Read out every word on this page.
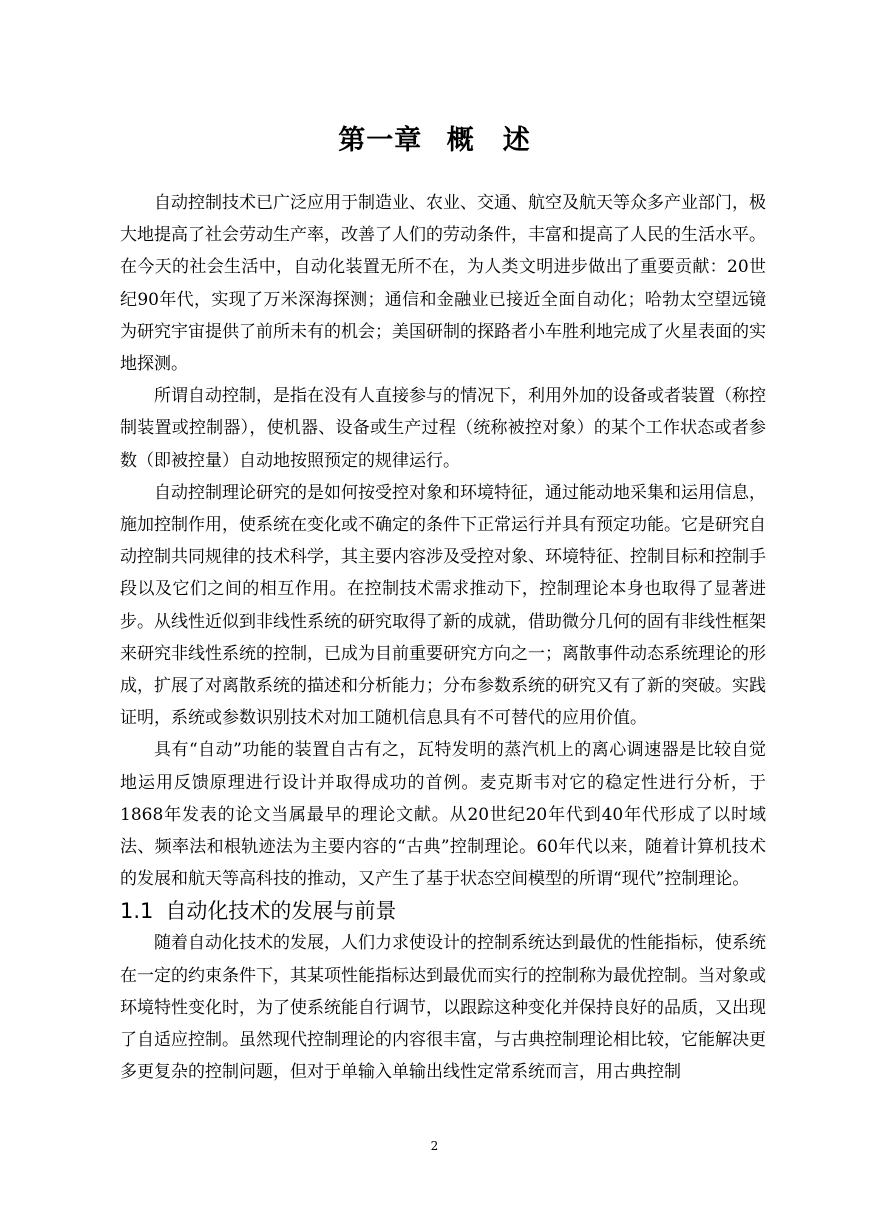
第一章 概　述

自动控制技术已广泛应用于制造业、农业、交通、航空及航天等众多产业部门，极大地提高了社会劳动生产率，改善了人们的劳动条件，丰富和提高了人民的生活水平。在今天的社会生活中，自动化装置无所不在，为人类文明进步做出了重要贡献：20世纪90年代，实现了万米深海探测；通信和金融业已接近全面自动化；哈勃太空望远镜为研究宇宙提供了前所未有的机会；美国研制的探路者小车胜利地完成了火星表面的实地探测。

所谓自动控制，是指在没有人直接参与的情况下，利用外加的设备或者装置（称控制装置或控制器），使机器、设备或生产过程（统称被控对象）的某个工作状态或者参数（即被控量）自动地按照预定的规律运行。

自动控制理论研究的是如何按受控对象和环境特征，通过能动地采集和运用信息，施加控制作用，使系统在变化或不确定的条件下正常运行并具有预定功能。它是研究自动控制共同规律的技术科学，其主要内容涉及受控对象、环境特征、控制目标和控制手段以及它们之间的相互作用。在控制技术需求推动下，控制理论本身也取得了显著进步。从线性近似到非线性系统的研究取得了新的成就，借助微分几何的固有非线性框架来研究非线性系统的控制，已成为目前重要研究方向之一；离散事件动态系统理论的形成，扩展了对离散系统的描述和分析能力；分布参数系统的研究又有了新的突破。实践证明，系统或参数识别技术对加工随机信息具有不可替代的应用价值。

具有“自动”功能的装置自古有之，瓦特发明的蒸汽机上的离心调速器是比较自觉地运用反馈原理进行设计并取得成功的首例。麦克斯韦对它的稳定性进行分析，于1868年发表的论文当属最早的理论文献。从20世纪20年代到40年代形成了以时域法、频率法和根轨迹法为主要内容的“古典”控制理论。60年代以来，随着计算机技术的发展和航天等高科技的推动，又产生了基于状态空间模型的所谓“现代”控制理论。

1.1 自动化技术的发展与前景

随着自动化技术的发展，人们力求使设计的控制系统达到最优的性能指标，使系统在一定的约束条件下，其某项性能指标达到最优而实行的控制称为最优控制。当对象或环境特性变化时，为了使系统能自行调节，以跟踪这种变化并保持良好的品质，又出现了自适应控制。虽然现代控制理论的内容很丰富，与古典控制理论相比较，它能解决更多更复杂的控制问题，但对于单输入单输出线性定常系统而言，用古典控制

2
